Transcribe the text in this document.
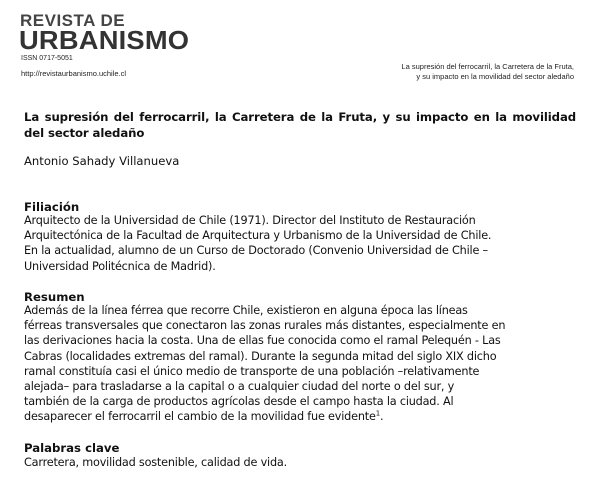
REVISTA DE
URBANISMO
ISSN 0717-5051
http://revistaurbanismo.uchile.cl
La supresión del ferrocarril, la Carretera de la Fruta,
y su impacto en la movilidad del sector aledaño
La supresión del ferrocarril, la Carretera de la Fruta, y su impacto en la movilidad del sector aledaño
Antonio Sahady Villanueva
Filiación
Arquitecto de la Universidad de Chile (1971). Director del Instituto de Restauración
Arquitectónica de la Facultad de Arquitectura y Urbanismo de la Universidad de Chile.
En la actualidad, alumno de un Curso de Doctorado (Convenio Universidad de Chile –
Universidad Politécnica de Madrid).
Resumen
Además de la línea férrea que recorre Chile, existieron en alguna época las líneas
férreas transversales que conectaron las zonas rurales más distantes, especialmente en
las derivaciones hacia la costa. Una de ellas fue conocida como el ramal Pelequén - Las
Cabras (localidades extremas del ramal). Durante la segunda mitad del siglo XIX dicho
ramal constituía casi el único medio de transporte de una población –relativamente
alejada– para trasladarse a la capital o a cualquier ciudad del norte o del sur, y
también de la carga de productos agrícolas desde el campo hasta la ciudad. Al
desaparecer el ferrocarril el cambio de la movilidad fue evidente$^1$.
Palabras clave
Carretera, movilidad sostenible, calidad de vida.
